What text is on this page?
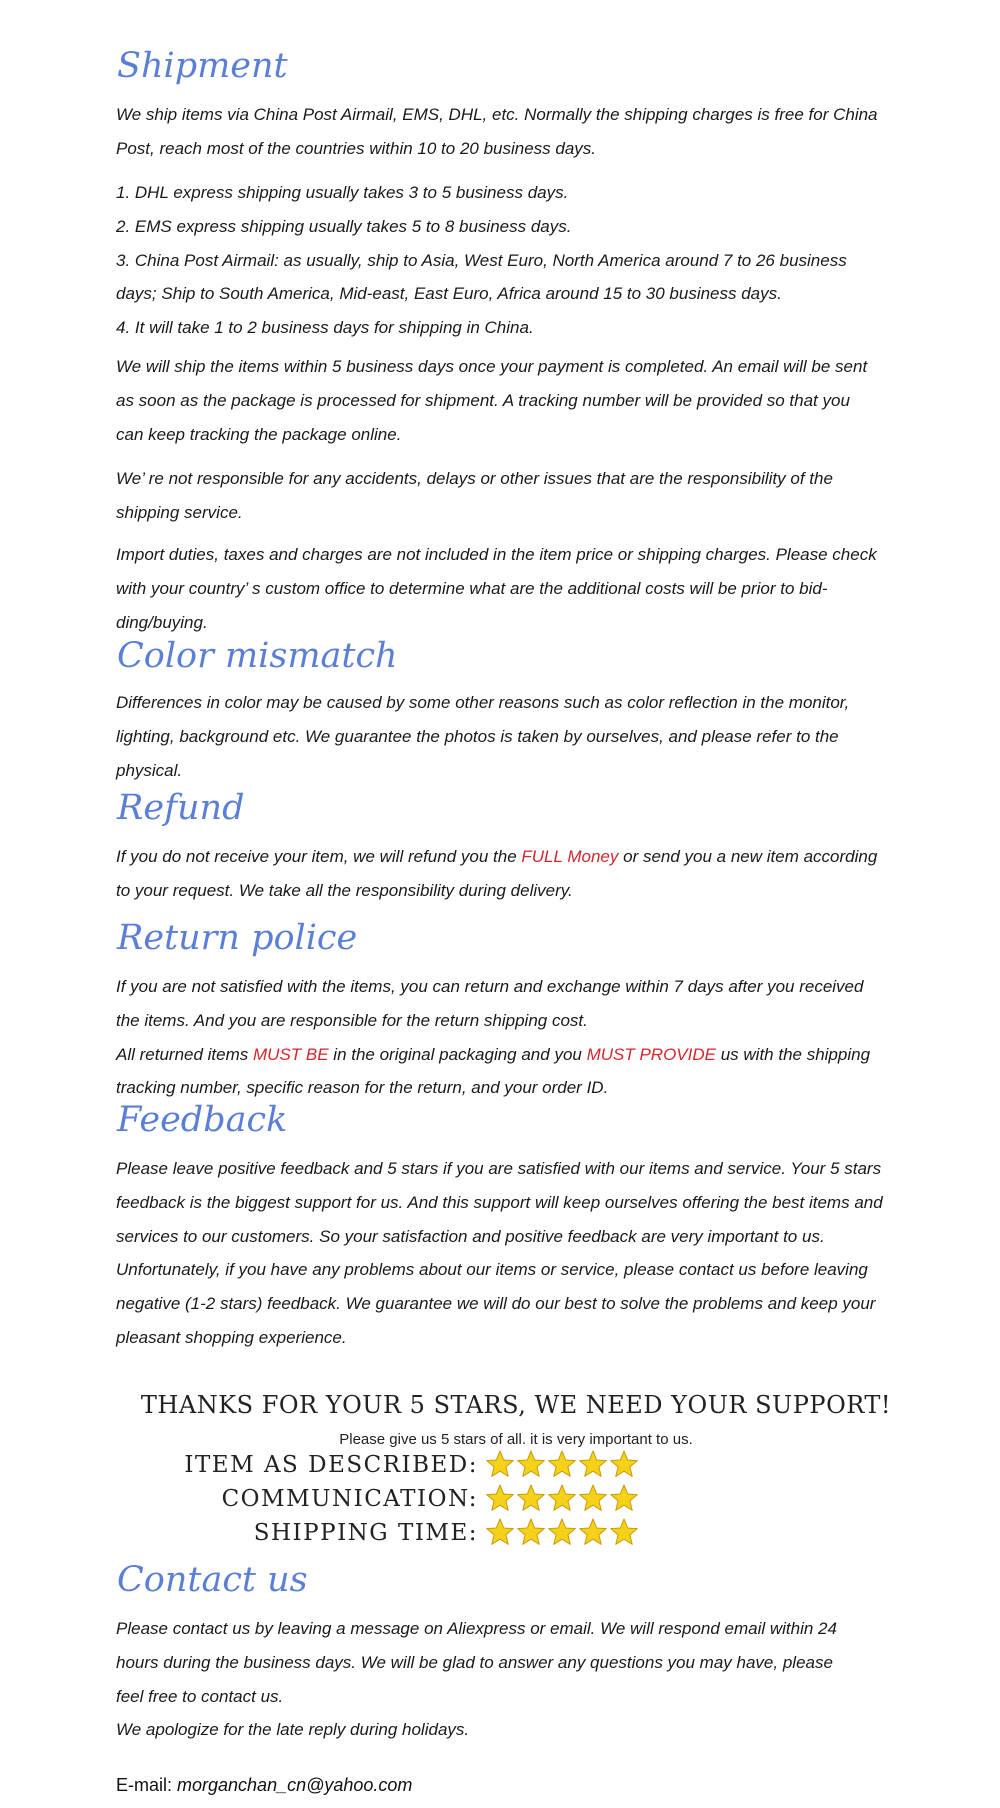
Shipment
We ship items via China Post Airmail, EMS, DHL, etc. Normally the shipping charges is free for China
Post, reach most of the countries within 10 to 20 business days.
1. DHL express shipping usually takes 3 to 5 business days.
2. EMS express shipping usually takes 5 to 8 business days.
3. China Post Airmail: as usually, ship to Asia, West Euro, North America around 7 to 26 business
days; Ship to South America, Mid-east, East Euro, Africa around 15 to 30 business days.
4. It will take 1 to 2 business days for shipping in China.
We will ship the items within 5 business days once your payment is completed. An email will be sent
as soon as the package is processed for shipment. A tracking number will be provided so that you
can keep tracking the package online.
We’ re not responsible for any accidents, delays or other issues that are the responsibility of the
shipping service.
Import duties, taxes and charges are not included in the item price or shipping charges. Please check
with your country’ s custom office to determine what are the additional costs will be prior to bid-
ding/buying.
Color mismatch
Differences in color may be caused by some other reasons such as color reflection in the monitor,
lighting, background etc. We guarantee the photos is taken by ourselves, and please refer to the
physical.
Refund
If you do not receive your item, we will refund you the FULL Money or send you a new item according
to your request. We take all the responsibility during delivery.
Return police
If you are not satisfied with the items, you can return and exchange within 7 days after you received
the items. And you are responsible for the return shipping cost.
All returned items MUST BE in the original packaging and you MUST PROVIDE us with the shipping
tracking number, specific reason for the return, and your order ID.
Feedback
Please leave positive feedback and 5 stars if you are satisfied with our items and service. Your 5 stars
feedback is the biggest support for us. And this support will keep ourselves offering the best items and
services to our customers. So your satisfaction and positive feedback are very important to us.
Unfortunately, if you have any problems about our items or service, please contact us before leaving
negative (1-2 stars) feedback. We guarantee we will do our best to solve the problems and keep your
pleasant shopping experience.
THANKS FOR YOUR 5 STARS, WE NEED YOUR SUPPORT!
Please give us 5 stars of all. it is very important to us.
ITEM AS DESCRIBED:
COMMUNICATION:
SHIPPING TIME:
Contact us
Please contact us by leaving a message on Aliexpress or email. We will respond email within 24
hours during the business days. We will be glad to answer any questions you may have, please
feel free to contact us.
We apologize for the late reply during holidays.
E-mail: morganchan_cn@yahoo.com
